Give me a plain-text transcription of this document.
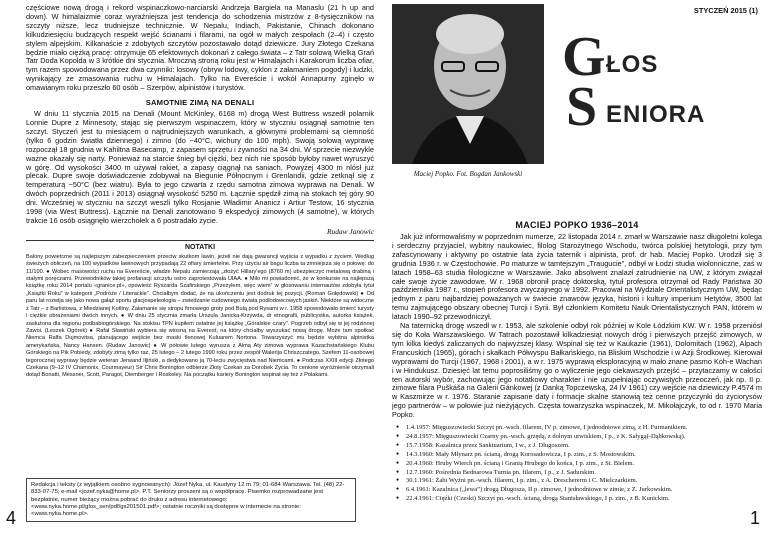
częściowe nową drogą i rekord wspinaczkowo-narciarski Andrzeja Bargiela na Manaslu (21 h up and down). W himalaizmie coraz wyraźniejsza jest tendencja do schodzenia mistrzów z 8-tysięczników na szczyty niższe, lecz trudniejsze technicznie. W Nepalu, Indiach, Pakistanie, Chinach dokonano kilkudziesięciu budzących respekt wejść ścianami i filarami, na ogół w małych zespołach (2–4) i często stylem alpejskim. Kilkanaście z zdobytych szczytów pozostawało dotąd dziewicze. Jury Złotego Czekana będzie miało ciężką pracę: otrzymuje 65 efektownych dokonań z całego świata – z Tatr solową Wielką Grań Tatr Doda Kopolda w 3 krótkie dni stycznia. Mroczną stroną roku jest w Himalajach i Karakorum liczba ofiar, tym razem spowodowana przez dwa czynniki: losowy (obryw lodowy, cyklon z załamaniem pogody) i ludzki, wynikający ze zmasowania ruchu w Himalajach. Tylko na Evereście i wokół Annapurny zginęło w omawianym roku przeszło 60 osób – Szerpów, alpinistów i turystów.

SAMOTNIE ZIMĄ NA DENALI

W dniu 11 stycznia 2015 na Denali (Mount McKinley, 6168 m) drogą West Buttress wszedł polarnik Lonnie Dupre z Minnesoty, stając się pierwszym wspinaczem, który w styczniu osiągnął samotnie ten szczyt. Styczeń jest tu miesiącem o najtrudniejszych warunkach, a głównymi problemami są ciemność (tylko 6 godzin światła dziennego) i zimno (do −40°C, wichury do 100 mph). Swoją solową wyprawę rozpoczął 18 grudnia w Kahiltna Basecamp, z zapasem sprzętu i żywności na 34 dni. W sprzecie niezwykle ważne okazały się narty. Ponieważ na starcie śnieg był ciężki, bez nich nie sposób byłoby nawet wyruszyć w górę. Od wysokości 3400 m używał rakiet, a zapasy ciągnął na saniach. Powyżej 4300 m nlósł już plecak. Dupre swoje doświadczenie zdobywał na Biegunie Północnym i Grenlandii, gdzie zetknął się z temperaturą −50°C (bez wiatru). Była to jego czwarta z rzędu samotna zimowa wyprawa na Denali. W dwóch poprzednich (2011 i 2013) osiągnął wysokość 5250 m. Łącznie spędził zimą na stokach tej góry 90 dni. Wcześniej w styczniu na szczyt weszli tylko Rosjanie Władimir Ananicz i Artiur Testow, 16 stycznia 1998 (via West Buttress). Łącznie na Denali zanotowano 9 ekspedycji zimowych (4 samotne), w których trakcie 16 osób osiągnęło wierzchołek a 6 postradało życie.

Rudaw Janowic
NOTATKI

Balony powietrzne są najlepszym zabezpieczeniem przeciw skutkom lawin, jeżeli nie dają gwarancji wyjścia z wypadku z życiem. Według świeżych obliczeń, na 100 wypadków lawinowych przypadają 22 ofiary śmiertelne. Przy użyciu air bagu liczba ta zmniejsza się o połowę: do 11/100. ● Wobec masowości ruchu na Evereście, władze Nepalu zamierzają „złożyć Hillary'ego (8760 m) ubezpieczyć metalową drabiną i stałymi poręczami. Przewodników takiej profanacji szczytu ostro zaprotestowała UIAA. ● Milo mi powiadomić, że w konkursie na najlepszą książkę roku 2014 portalu «granice.pl», opowieść Ryszarda Szafirskiego „Przeżyłem, więc wiem” w głosowaniu internautów zdobyła tytuł „Książki Roku” w kategorii „Podróże / Literackie”. Chciałbym dodać, że na ukończeniu jest dodruk tej pozycji. (Roman Gołędowski) ● Od paru lat rozwija się jako nowa gałąź sportu glacjospeleologia – zwiedzanie cudownego świata podlodowcowych jaskiń. Niektóre są widoczne z Tatr – z Barlistowa, z Miedzianej Kotliny. Zalamanie się stropu firnowego groty pod Bulą pod Rysami w r. 1958 spowodowało śmierć turysty i ciężkie obrażeniami dwóch innych. ● W dniu 25 stycznia zmarła Urszula Janicka-Krzywda, dr etnografii, publicystka, autorka książek, zasłużona dla regionu podbabiogórskiego. Na stokisu TPN kupiłem ostatnie jej książkę „Góralskie czary”. Pogrzeb odbył się w jej rodzinnej Zawoi. (Leszek Ogórek) ● Rafał Sławiński wybiera się wiosną na Everest, na który chciałby wyszukać nową drogę. Może tam spotkać Niemca Ralfa Dujmovitsa, planującego wejście bez maski tlenowej Kuluarem Nortona. Towarzyszyć mu będzie wybitna alpinistka amerykańska, Nancy Hansen. (Rudaw Janowic) ● W połowie lutego wyrusza z Almą Aty zimowa wyprawa Kazachstańskiego Klubu Górskiego na Pik Pobiedy, zdobyty zimą tylko raz, 25 lutego – 2 lutego 1990 roku przez zespół Walerija Chriszczatego. Szefem 11-osobowej tegorocznej wyprawy będzie weteran Jerwand Iljiński, a dedykowano ją 70-leciu zwycięstwa nad Niemcami. ● Podczas XXIII edycji Złotego Czekana (9–12 IV Chamonix, Courmayeur) Sir Chris Bonington odbierze Złoty Czekan za Dorobek Życia. To cenione wyróżnienie otrzymali dotąd Bonatti, Messner, Scott, Paragot, Diemberger i Roskeley. Na początku kariery Bonington wspinał się też z Polakami.

Redakcja i teksty (z wyjątkiem osobno sygnowanych): Józef Nyka, ul. Kaudyny 12 m 79; 01-684 Warszawa. Tel. (48) 22-833-07-75; e-mail <jozef.nyka@home.pl>. P.T. Seniorzy proszeni są o współpracę. Pisemko rozprowadzane jest bezpłatnie, numer bieżący można pobrać do druku z adresu internetowego: <www.nyka.home.pl/glos_sen/pdf/gs201501.pdf>; ostatnie roczniki są dostępne w internecie na stronie: <www.nyka.home.pl>.
4
Maciej Popko. Fot. Bogdan Jankowski
STYCZEŃ 2015 (1)
G ŁOS
S ENIORA
MACIEJ POPKO 1936–2014

Jak już informowaliśmy w poprzednim numerze, 22 listopada 2014 r. zmarł w Warszawie nasz długoletni kolega i serdeczny przyjaciel, wybitny naukowiec, filolog Starożytnego Wschodu, twórca polskiej hetytologii, przy tym zafascynowany i aktywny po ostatnie lata życia taternik i alpinista, prof. dr hab. Maciej Popko. Urodził się 3 grudnia 1936 r. w Częstochowie. Po maturze w tamtejszym „Traugucie”, odbył w Łodzi studia wiolonniczne, zaś w latach 1958–63 studia filologiczne w Warszawie. Jako absolwent znalazł zatrudnienie na UW, z którym związał całe swoje życie zawodowe. W r. 1968 obronił pracę doktorską, tytuł profesora otrzymał od Rady Państwa 30 października 1987 r., stopień profesora zwyczajnego w 1992. Pracował na Wydziale Orientalistycznym UW, będąc jednym z paru najbardziej poważanych w świecie znawców języka, historii i kultury imperium Hetytów, 3500 lat temu zajmującego obszary obecnej Turcji i Syrii. Był członkiem Komitetu Nauk Orientalistycznych PAN, którem w latach 1990–92 przewodniczył.

Na taternicką drogę wszedł w r. 1953, ale szkolenie odbył rok później w Kole Łódzkim KW. W r. 1958 przeniósł się do Koła Warszawskiego. W Tatrach pozostawił kilkadziesiąt nowych dróg i pierwszych przejść zimowych, w tym kilka kiedyś zaliczanych do najwyższej klasy. Wspinał się też w Kaukazie (1961), Dolomitach (1962), Alpach Francuskich (1965), górach i skałkach Półwyspu Bałkańskiego, na Bliskim Wschodzie i w Azji Środkowej. Kierował wyprawami do Turcji (1967, 1968 i 2001), a w r. 1975 wyprawą eksploracyjną w mało znane pasmo Koh-e Wachan i w Hindukusz. Dziesięć lat temu poprosiliśmy go o wyliczenie jego ciekawszych przejść – przytaczamy w całości ten autorski wybór, zachowując jego notatkowy charakter i nie uzupełniając oczywistych przeoczeń, jak np. II p. zimowe filara Puškáša na Galerii Gánkowej (z Danką Topczewską, 24 IV 1961) czy wejście na dziewiczy P.4574 m w Kaszmirze w r. 1976. Staranie zapisane daty i formacje skalne stanowią też cenne przyczynki do życiorysów jego partnerów – w połowie już nieżyjących. Częsta towarzyszka wspinaczek, M. Mikołajczyk, to od r. 1970 Maria Popko.

● 1.4.1957: Mięguszowiecki Szczyt pn.-wsch. filarem, IV p. zimowe, I jednodniowe zimą, z H. Furmanikiem.
● 24.8.1957: Mięguszowiecki Czarny pn.-wsch. grzędą, z dolnym urwiskiem, I p., z K. Sałygą(-Dąbkowską).
● 15.7.1958: Kazalnica przez Sanktuarium, I w., z J. Dlugoszem.
● 14.3.1960: Mały Młynarz pn. ścianą, drogą Korosadowicza, I p. zim., z S. Mostowskim.
● 20.4.1960: Hruby Wierch pn. ścianą i Granią Hrubego do końca, I p. zim., z St. Bielem.
● 12.7.1960: Pośrednia Bednarowa Turnia pn. filarem, I p., z J. Sadurskim.
● 30.1.1961: Żabi Wyżni pn.-wsch. filarem, I p. zim., z A. Dreschererm i C. Mielczarkiem.
● 6.4.1961: Kazalnica („lewa”) drogą Długosza, II p. zimowe, I jednodniowe w zimie, z Z. Jurkowskim.
● 22.4.1961: Cięźki (Czeski) Szczyt pn.-wsch. ścianą, drogą Stanisławskiego, I p. zim., z B. Kunickim.
1
